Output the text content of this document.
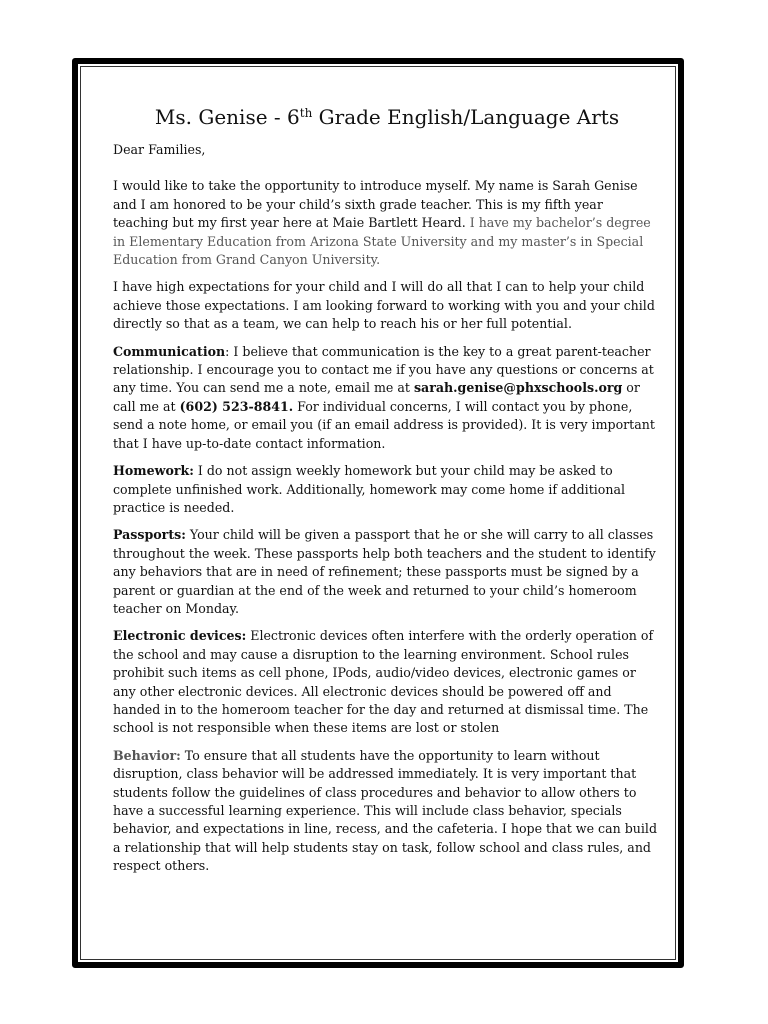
Ms. Genise - 6th Grade English/Language Arts

Dear Families,

I would like to take the opportunity to introduce myself. My name is Sarah Genise and I am honored to be your child’s sixth grade teacher. This is my fifth year teaching but my first year here at Maie Bartlett Heard. I have my bachelor’s degree in Elementary Education from Arizona State University and my master’s in Special Education from Grand Canyon University.

I have high expectations for your child and I will do all that I can to help your child achieve those expectations. I am looking forward to working with you and your child directly so that as a team, we can help to reach his or her full potential.

Communication: I believe that communication is the key to a great parent-teacher relationship. I encourage you to contact me if you have any questions or concerns at any time. You can send me a note, email me at sarah.genise@phxschools.org or call me at (602) 523-8841. For individual concerns, I will contact you by phone, send a note home, or email you (if an email address is provided). It is very important that I have up-to-date contact information.

Homework: I do not assign weekly homework but your child may be asked to complete unfinished work. Additionally, homework may come home if additional practice is needed.

Passports: Your child will be given a passport that he or she will carry to all classes throughout the week. These passports help both teachers and the student to identify any behaviors that are in need of refinement; these passports must be signed by a parent or guardian at the end of the week and returned to your child’s homeroom teacher on Monday.

Electronic devices: Electronic devices often interfere with the orderly operation of the school and may cause a disruption to the learning environment. School rules prohibit such items as cell phone, IPods, audio/video devices, electronic games or any other electronic devices. All electronic devices should be powered off and handed in to the homeroom teacher for the day and returned at dismissal time. The school is not responsible when these items are lost or stolen

Behavior: To ensure that all students have the opportunity to learn without disruption, class behavior will be addressed immediately. It is very important that students follow the guidelines of class procedures and behavior to allow others to have a successful learning experience. This will include class behavior, specials behavior, and expectations in line, recess, and the cafeteria. I hope that we can build a relationship that will help students stay on task, follow school and class rules, and respect others.
